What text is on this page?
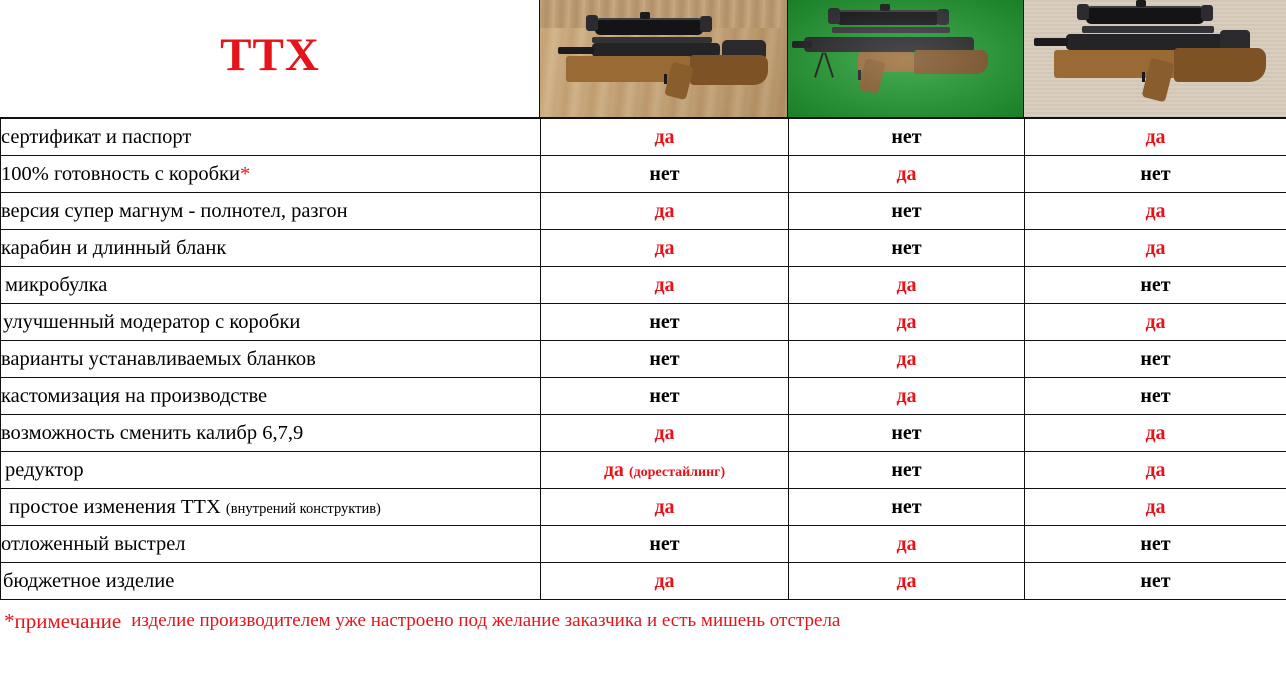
ТТХ
сертификат и паспорт	да	нет	да
100% готовность с коробки*	нет	да	нет
версия супер магнум - полнотел, разгон	да	нет	да
карабин и длинный бланк	да	нет	да
микробулка	да	да	нет
улучшенный модератор с коробки	нет	да	да
варианты устанавливаемых бланков	нет	да	нет
кастомизация на производстве	нет	да	нет
возможность сменить калибр 6,7,9	да	нет	да
редуктор	да (дорестайлинг)	нет	да
простое изменения ТТХ (внутрений конструктив)	да	нет	да
отложенный выстрел	нет	да	нет
бюджетное изделие	да	да	нет
*примечание изделие производителем уже настроено под желание заказчика и есть мишень отстрела
